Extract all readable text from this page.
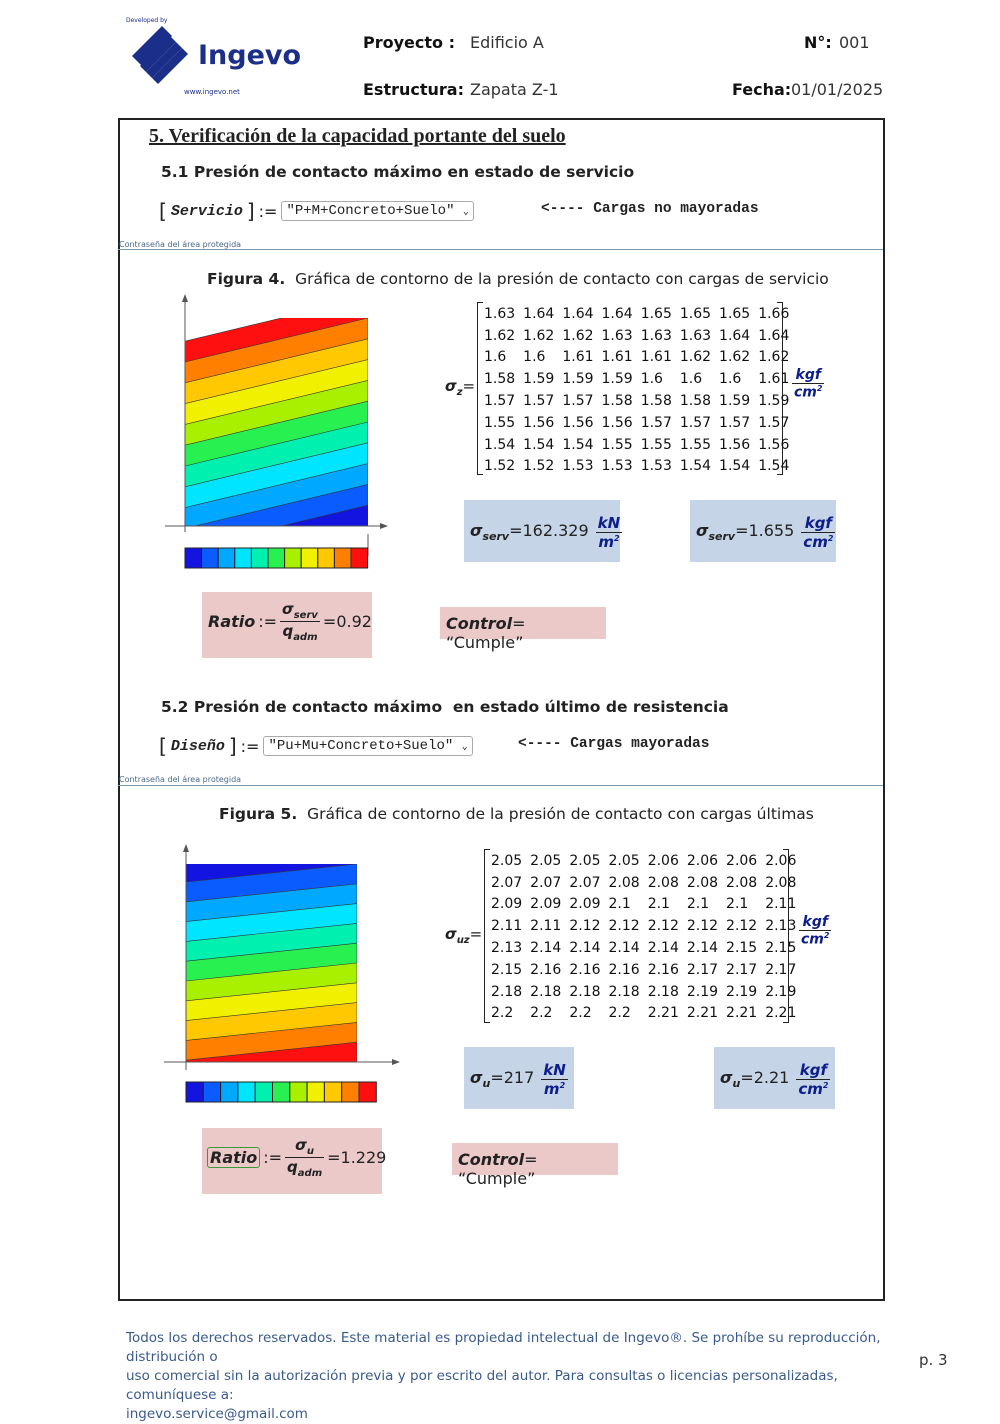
Developed by
Ingevo
www.ingevo.net
Proyecto : Edificio A	N°: 001
Estructura: Zapata Z-1	Fecha: 01/01/2025
5. Verificación de la capacidad portante del suelo
5.1 Presión de contacto máximo en estado de servicio
[ Servicio ] := "P+M+Concreto+Suelo" ⌄	<---- Cargas no mayoradas
Contraseña del área protegida
Figura 4. Gráfica de contorno de la presión de contacto con cargas de servicio
$\sigma_z=$
1.63	1.64	1.64	1.64	1.65	1.65	1.65	1.66
1.62	1.62	1.62	1.63	1.63	1.63	1.64	1.64
1.6	1.6	1.61	1.61	1.61	1.62	1.62	1.62
1.58	1.59	1.59	1.59	1.6	1.6	1.6	1.61
1.57	1.57	1.57	1.58	1.58	1.58	1.59	1.59
1.55	1.56	1.56	1.56	1.57	1.57	1.57	1.57
1.54	1.54	1.54	1.55	1.55	1.55	1.56	1.56
1.52	1.52	1.53	1.53	1.53	1.54	1.54	1.54
$\frac{\text{kgf}}{cm^2}$
$\sigma_{serv}=162.329 \frac{kN}{m^2}$	$\sigma_{serv}=1.655 \frac{\text{kgf}}{cm^2}$
Ratio := $\frac{\sigma_{serv}}{q_{adm}} =0.92$	Control= “Cumple”
5.2 Presión de contacto máximo  en estado último de resistencia
[ Diseño ] := "Pu+Mu+Concreto+Suelo" ⌄	<---- Cargas mayoradas
Contraseña del área protegida
Figura 5. Gráfica de contorno de la presión de contacto con cargas últimas
$\sigma_{uz}=$
2.05	2.05	2.05	2.05	2.06	2.06	2.06	2.06
2.07	2.07	2.07	2.08	2.08	2.08	2.08	2.08
2.09	2.09	2.09	2.1	2.1	2.1	2.1	2.11
2.11	2.11	2.12	2.12	2.12	2.12	2.12	2.13
2.13	2.14	2.14	2.14	2.14	2.14	2.15	2.15
2.15	2.16	2.16	2.16	2.16	2.17	2.17	2.17
2.18	2.18	2.18	2.18	2.18	2.19	2.19	2.19
2.2	2.2	2.2	2.2	2.21	2.21	2.21	2.21
$\frac{\text{kgf}}{cm^2}$
$\sigma_u=217 \frac{kN}{m^2}$	$\sigma_u=2.21 \frac{\text{kgf}}{cm^2}$
Ratio := $\frac{\sigma_u}{q_{adm}} =1.229$	Control= “Cumple”
Todos los derechos reservados. Este material es propiedad intelectual de Ingevo®. Se prohíbe su reproducción, distribución o
uso comercial sin la autorización previa y por escrito del autor. Para consultas o licencias personalizadas, comuníquese a:
ingevo.service@gmail.com
p. 3
